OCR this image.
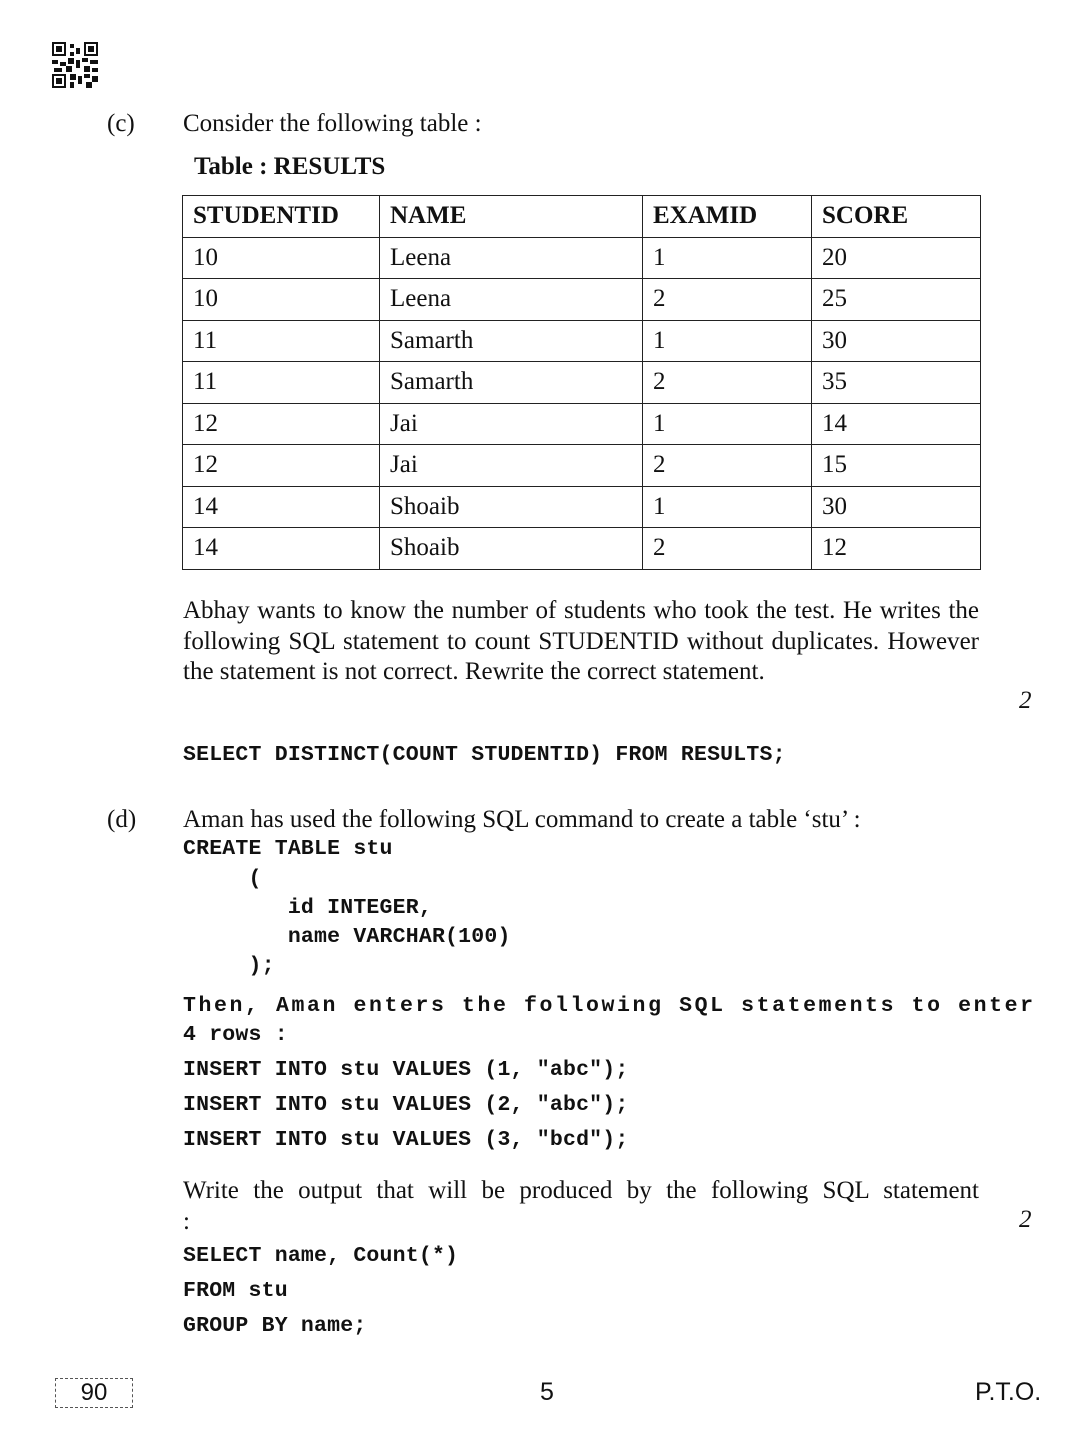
(c) Consider the following table :
Table : RESULTS
STUDENTID	NAME	EXAMID	SCORE
10	Leena	1	20
10	Leena	2	25
11	Samarth	1	30
11	Samarth	2	35
12	Jai	1	14
12	Jai	2	15
14	Shoaib	1	30
14	Shoaib	2	12
Abhay wants to know the number of students who took the test. He writes the following SQL statement to count STUDENTID without duplicates. However the statement is not correct. Rewrite the correct statement.
2
SELECT DISTINCT(COUNT STUDENTID) FROM RESULTS;
(d) Aman has used the following SQL command to create a table ‘stu’ :
CREATE TABLE stu
(
id INTEGER,
name VARCHAR(100)
);
Then, Aman enters the following SQL statements to enter
4 rows :
INSERT INTO stu VALUES (1, "abc");
INSERT INTO stu VALUES (2, "abc");
INSERT INTO stu VALUES (3, "bcd");
Write the output that will be produced by the following SQL statement :	2
SELECT name, Count(*)
FROM stu
GROUP BY name;
90	5	P.T.O.
